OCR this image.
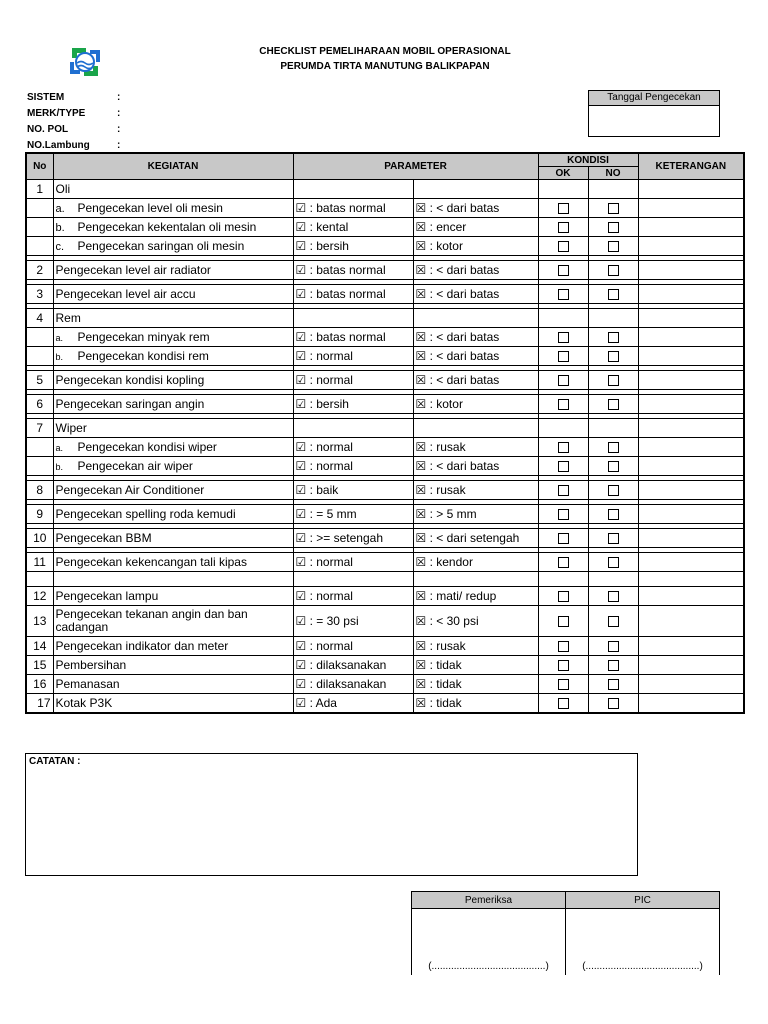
CHECKLIST PEMELIHARAAN MOBIL OPERASIONAL
PERUMDA TIRTA MANUTUNG BALIKPAPAN
SISTEM	:
MERK/TYPE	:
NO. POL	:
NO.Lambung	:
Tanggal Pengecekan
No	KEGIATAN	PARAMETER		KONDISI		KETERANGAN
				OK	NO	
1	Oli					
	a. Pengecekan level oli mesin	☑ : batas normal	☒ : < dari batas			
	b. Pengecekan kekentalan oli mesin	☑ : kental	☒ : encer			
	c. Pengecekan saringan oli mesin	☑ : bersih	☒ : kotor			

2	Pengecekan level air radiator	☑ : batas normal	☒ : < dari batas			

3	Pengecekan level air accu	☑ : batas normal	☒ : < dari batas			

4	Rem					
	a. Pengecekan minyak rem	☑ : batas normal	☒ : < dari batas			
	b. Pengecekan kondisi rem	☑ : normal	☒ : < dari batas			

5	Pengecekan kondisi kopling	☑ : normal	☒ : < dari batas			

6	Pengecekan saringan angin	☑ : bersih	☒ : kotor			

7	Wiper					
	a. Pengecekan kondisi wiper	☑ : normal	☒ : rusak			
	b. Pengecekan air wiper	☑ : normal	☒ : < dari batas			

8	Pengecekan Air Conditioner	☑ : baik	☒ : rusak			

9	Pengecekan spelling roda kemudi	☑ : = 5 mm	☒ : > 5 mm			

10	Pengecekan BBM	☑ : >= setengah	☒ : < dari setengah			

11	Pengecekan kekencangan tali kipas	☑ : normal	☒ : kendor			

12	Pengecekan lampu	☑ : normal	☒ : mati/ redup			
13	Pengecekan tekanan angin dan ban cadangan	☑ : = 30 psi	☒ : < 30 psi			
14	Pengecekan indikator dan meter	☑ : normal	☒ : rusak			
15	Pembersihan	☑ : dilaksanakan	☒ : tidak			
16	Pemanasan	☑ : dilaksanakan	☒ : tidak			
17	Kotak P3K	☑ : Ada	☒ : tidak			
CATATAN :
Pemeriksa	PIC
(.........................................)	(.........................................)
